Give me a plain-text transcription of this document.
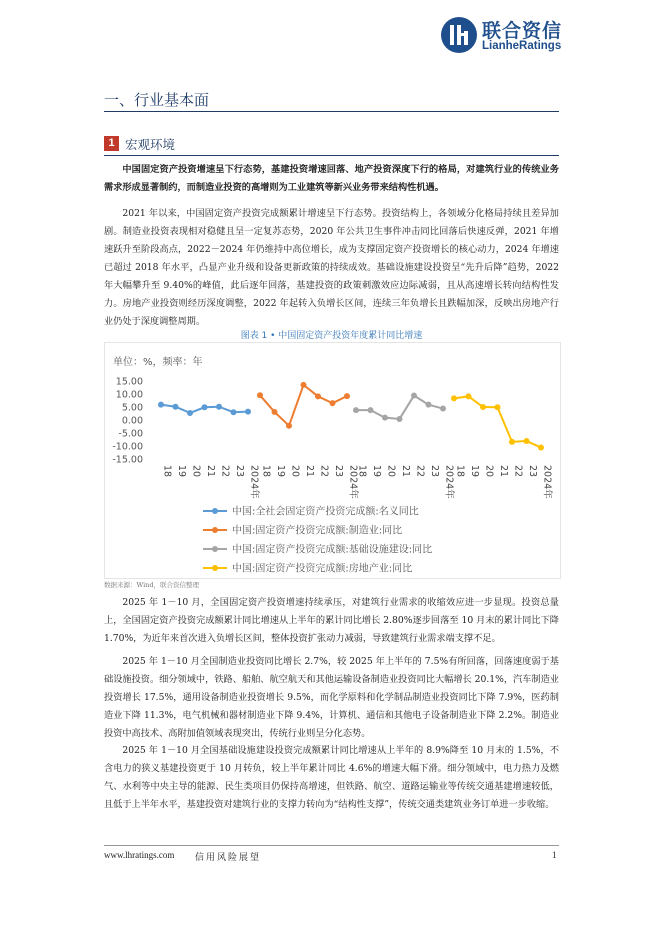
联合资信
LianheRatings
一、行业基本面
1 宏观环境

中国固定资产投资增速呈下行态势，基建投资增速回落、地产投资深度下行的格局，对建筑行业的传统业务需求形成显著制约，而制造业投资的高增则为工业建筑等新兴业务带来结构性机遇。

2021 年以来，中国固定资产投资完成额累计增速呈下行态势。投资结构上，各领域分化格局持续且差异加剧。制造业投资表现相对稳健且呈一定复苏态势，2020 年公共卫生事件冲击同比回落后快速反弹，2021 年增速跃升至阶段高点，2022－2024 年仍维持中高位增长，成为支撑固定资产投资增长的核心动力，2024 年增速已超过 2018 年水平，凸显产业升级和设备更新政策的持续成效。基础设施建设投资呈“先升后降”趋势，2022 年大幅攀升至 9.40%的峰值，此后逐年回落，基建投资的政策刺激效应边际减弱，且从高速增长转向结构性发力。房地产业投资则经历深度调整，2022 年起转入负增长区间，连续三年负增长且跌幅加深，反映出房地产行业仍处于深度调整周期。

图表 1 • 中国固定资产投资年度累计同比增速
单位：%，频率：年
15.00
10.00
5.00
0.00
-5.00
-10.00
-15.00
18 19 20 21 22 23 2024年 18 19 20 21 22 23 2024年
18 19 20 21 22 23 2024年 18 19 20 21 22 23 2024年
中国:全社会固定资产投资完成额:名义同比
中国:固定资产投资完成额:制造业:同比
中国:固定资产投资完成额:基础设施建设:同比
中国:固定资产投资完成额:房地产业:同比
数据来源：Wind，联合资信整理

2025 年 1－10 月，全国固定资产投资增速持续承压，对建筑行业需求的收缩效应进一步显现。投资总量上，全国固定资产投资完成额累计同比增速从上半年的累计同比增长 2.80%逐步回落至 10 月末的累计同比下降 1.70%，为近年来首次进入负增长区间，整体投资扩张动力减弱，导致建筑行业需求端支撑不足。

2025 年 1－10 月全国制造业投资同比增长 2.7%，较 2025 年上半年的 7.5%有所回落，回落速度弱于基础设施投资。细分领域中，铁路、船舶、航空航天和其他运输设备制造业投资同比大幅增长 20.1%，汽车制造业投资增长 17.5%，通用设备制造业投资增长 9.5%，而化学原料和化学制品制造业投资同比下降 7.9%，医药制造业下降 11.3%，电气机械和器材制造业下降 9.4%，计算机、通信和其他电子设备制造业下降 2.2%。制造业投资中高技术、高附加值领域表现突出，传统行业则呈分化态势。

2025 年 1－10 月全国基础设施建设投资完成额累计同比增速从上半年的 8.9%降至 10 月末的 1.5%，不含电力的狭义基建投资更于 10 月转负，较上半年累计同比 4.6%的增速大幅下滑。细分领域中，电力热力及燃气、水利等中央主导的能源、民生类项目仍保持高增速，但铁路、航空、道路运输业等传统交通基建增速较低，且低于上半年水平，基建投资对建筑行业的支撑力转向为“结构性支撑”，传统交通类建筑业务订单进一步收缩。

www.lhratings.com 信用风险展望	1
